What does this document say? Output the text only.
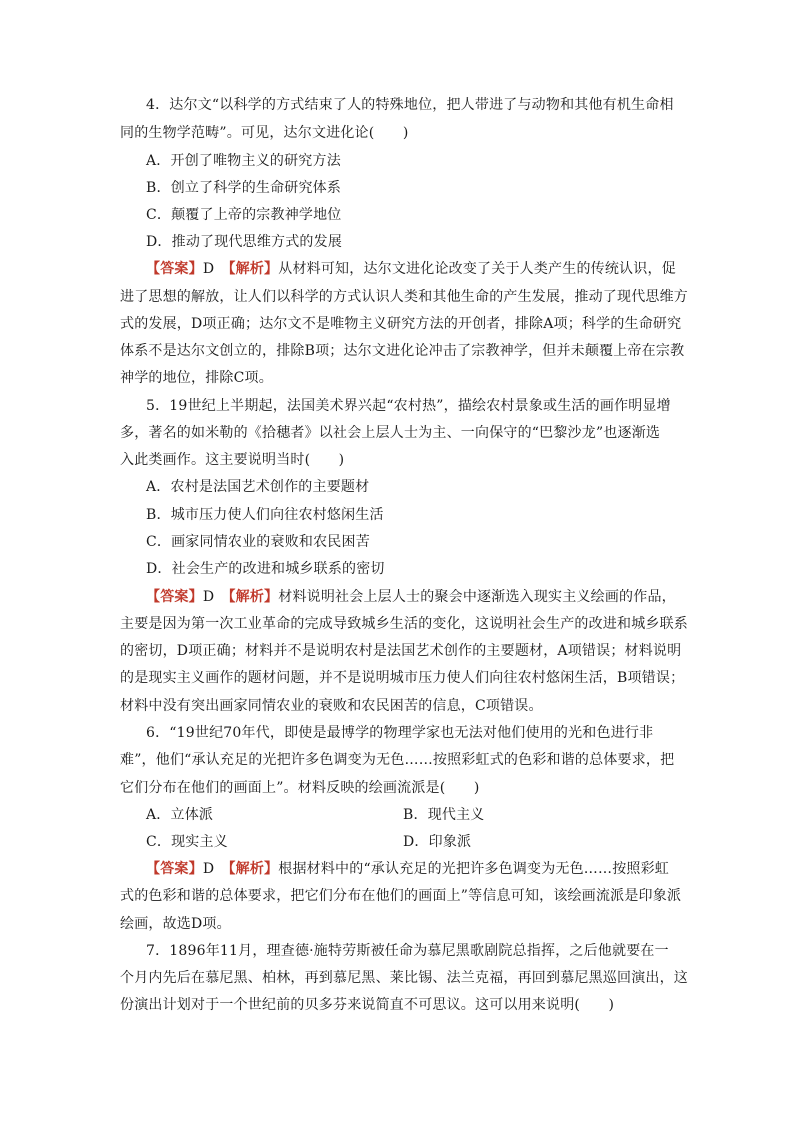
4．达尔文“以科学的方式结束了人的特殊地位，把人带进了与动物和其他有机生命相
同的生物学范畴”。可见，达尔文进化论(　　)
A．开创了唯物主义的研究方法
B．创立了科学的生命研究体系
C．颠覆了上帝的宗教神学地位
D．推动了现代思维方式的发展
【答案】D　【解析】从材料可知，达尔文进化论改变了关于人类产生的传统认识，促
进了思想的解放，让人们以科学的方式认识人类和其他生命的产生发展，推动了现代思维方
式的发展，D项正确；达尔文不是唯物主义研究方法的开创者，排除A项；科学的生命研究
体系不是达尔文创立的，排除B项；达尔文进化论冲击了宗教神学，但并未颠覆上帝在宗教
神学的地位，排除C项。
5．19世纪上半期起，法国美术界兴起“农村热”，描绘农村景象或生活的画作明显增
多，著名的如米勒的《拾穗者》以社会上层人士为主、一向保守的“巴黎沙龙”也逐渐选
入此类画作。这主要说明当时(　　)
A．农村是法国艺术创作的主要题材
B．城市压力使人们向往农村悠闲生活
C．画家同情农业的衰败和农民困苦
D．社会生产的改进和城乡联系的密切
【答案】D　【解析】材料说明社会上层人士的聚会中逐渐选入现实主义绘画的作品，
主要是因为第一次工业革命的完成导致城乡生活的变化，这说明社会生产的改进和城乡联系
的密切，D项正确；材料并不是说明农村是法国艺术创作的主要题材，A项错误；材料说明
的是现实主义画作的题材问题，并不是说明城市压力使人们向往农村悠闲生活，B项错误；
材料中没有突出画家同情农业的衰败和农民困苦的信息，C项错误。
6．“19世纪70年代，即使是最博学的物理学家也无法对他们使用的光和色进行非
难”，他们“承认充足的光把许多色调变为无色……按照彩虹式的色彩和谐的总体要求，把
它们分布在他们的画面上”。材料反映的绘画流派是(　　)
A．立体派	B．现代主义
C．现实主义	D．印象派
【答案】D　【解析】根据材料中的“承认充足的光把许多色调变为无色……按照彩虹
式的色彩和谐的总体要求，把它们分布在他们的画面上”等信息可知，该绘画流派是印象派
绘画，故选D项。
7．1896年11月，理查德·施特劳斯被任命为慕尼黑歌剧院总指挥，之后他就要在一
个月内先后在慕尼黑、柏林，再到慕尼黑、莱比锡、法兰克福，再回到慕尼黑巡回演出，这
份演出计划对于一个世纪前的贝多芬来说简直不可思议。这可以用来说明(　　)
